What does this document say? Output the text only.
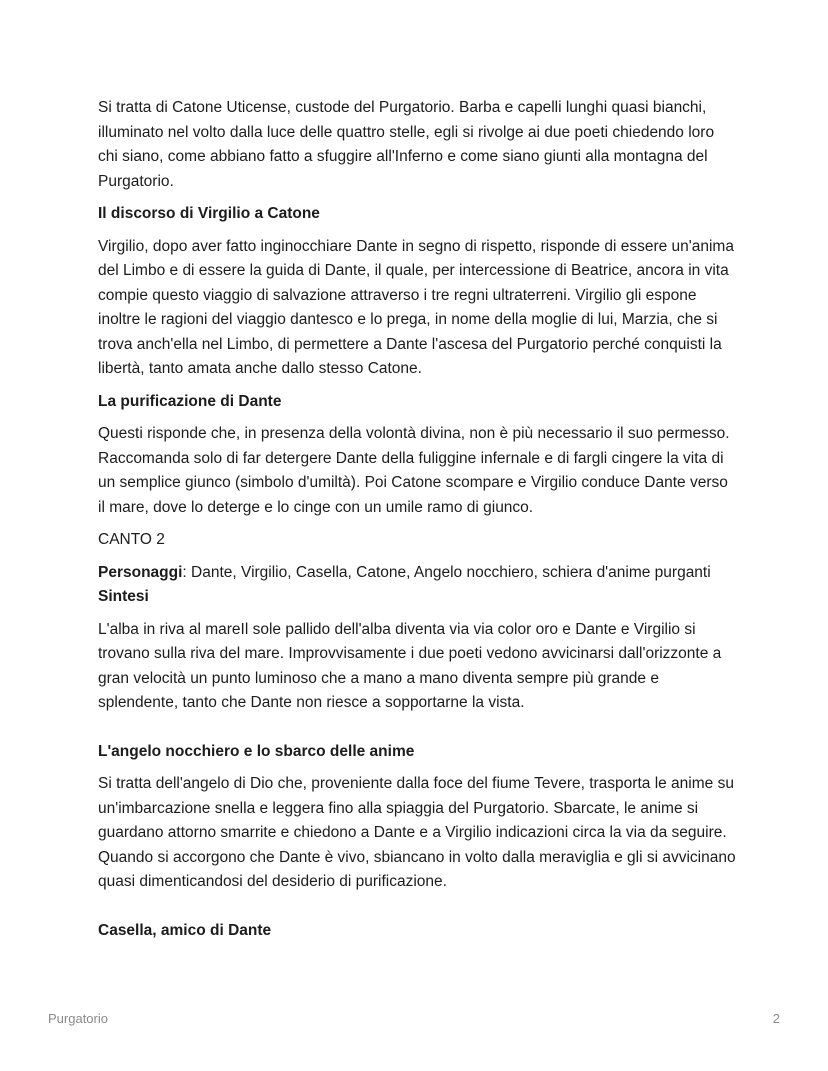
Si tratta di Catone Uticense, custode del Purgatorio. Barba e capelli lunghi quasi bianchi, illuminato nel volto dalla luce delle quattro stelle, egli si rivolge ai due poeti chiedendo loro chi siano, come abbiano fatto a sfuggire all'Inferno e come siano giunti alla montagna del Purgatorio.

Il discorso di Virgilio a Catone

Virgilio, dopo aver fatto inginocchiare Dante in segno di rispetto, risponde di essere un'anima del Limbo e di essere la guida di Dante, il quale, per intercessione di Beatrice, ancora in vita compie questo viaggio di salvazione attraverso i tre regni ultraterreni. Virgilio gli espone inoltre le ragioni del viaggio dantesco e lo prega, in nome della moglie di lui, Marzia, che si trova anch'ella nel Limbo, di permettere a Dante l'ascesa del Purgatorio perché conquisti la libertà, tanto amata anche dallo stesso Catone.

La purificazione di Dante

Questi risponde che, in presenza della volontà divina, non è più necessario il suo permesso. Raccomanda solo di far detergere Dante della fuliggine infernale e di fargli cingere la vita di un semplice giunco (simbolo d'umiltà). Poi Catone scompare e Virgilio conduce Dante verso il mare, dove lo deterge e lo cinge con un umile ramo di giunco.

CANTO 2

Personaggi: Dante, Virgilio, Casella, Catone, Angelo nocchiero, schiera d'anime purganti

Sintesi

L'alba in riva al mareIl sole pallido dell'alba diventa via via color oro e Dante e Virgilio si trovano sulla riva del mare. Improvvisamente i due poeti vedono avvicinarsi dall'orizzonte a gran velocità un punto luminoso che a mano a mano diventa sempre più grande e splendente, tanto che Dante non riesce a sopportarne la vista.

L'angelo nocchiero e lo sbarco delle anime

Si tratta dell'angelo di Dio che, proveniente dalla foce del fiume Tevere, trasporta le anime su un'imbarcazione snella e leggera fino alla spiaggia del Purgatorio. Sbarcate, le anime si guardano attorno smarrite e chiedono a Dante e a Virgilio indicazioni circa la via da seguire. Quando si accorgono che Dante è vivo, sbiancano in volto dalla meraviglia e gli si avvicinano quasi dimenticandosi del desiderio di purificazione.

Casella, amico di Dante

Purgatorio	2
